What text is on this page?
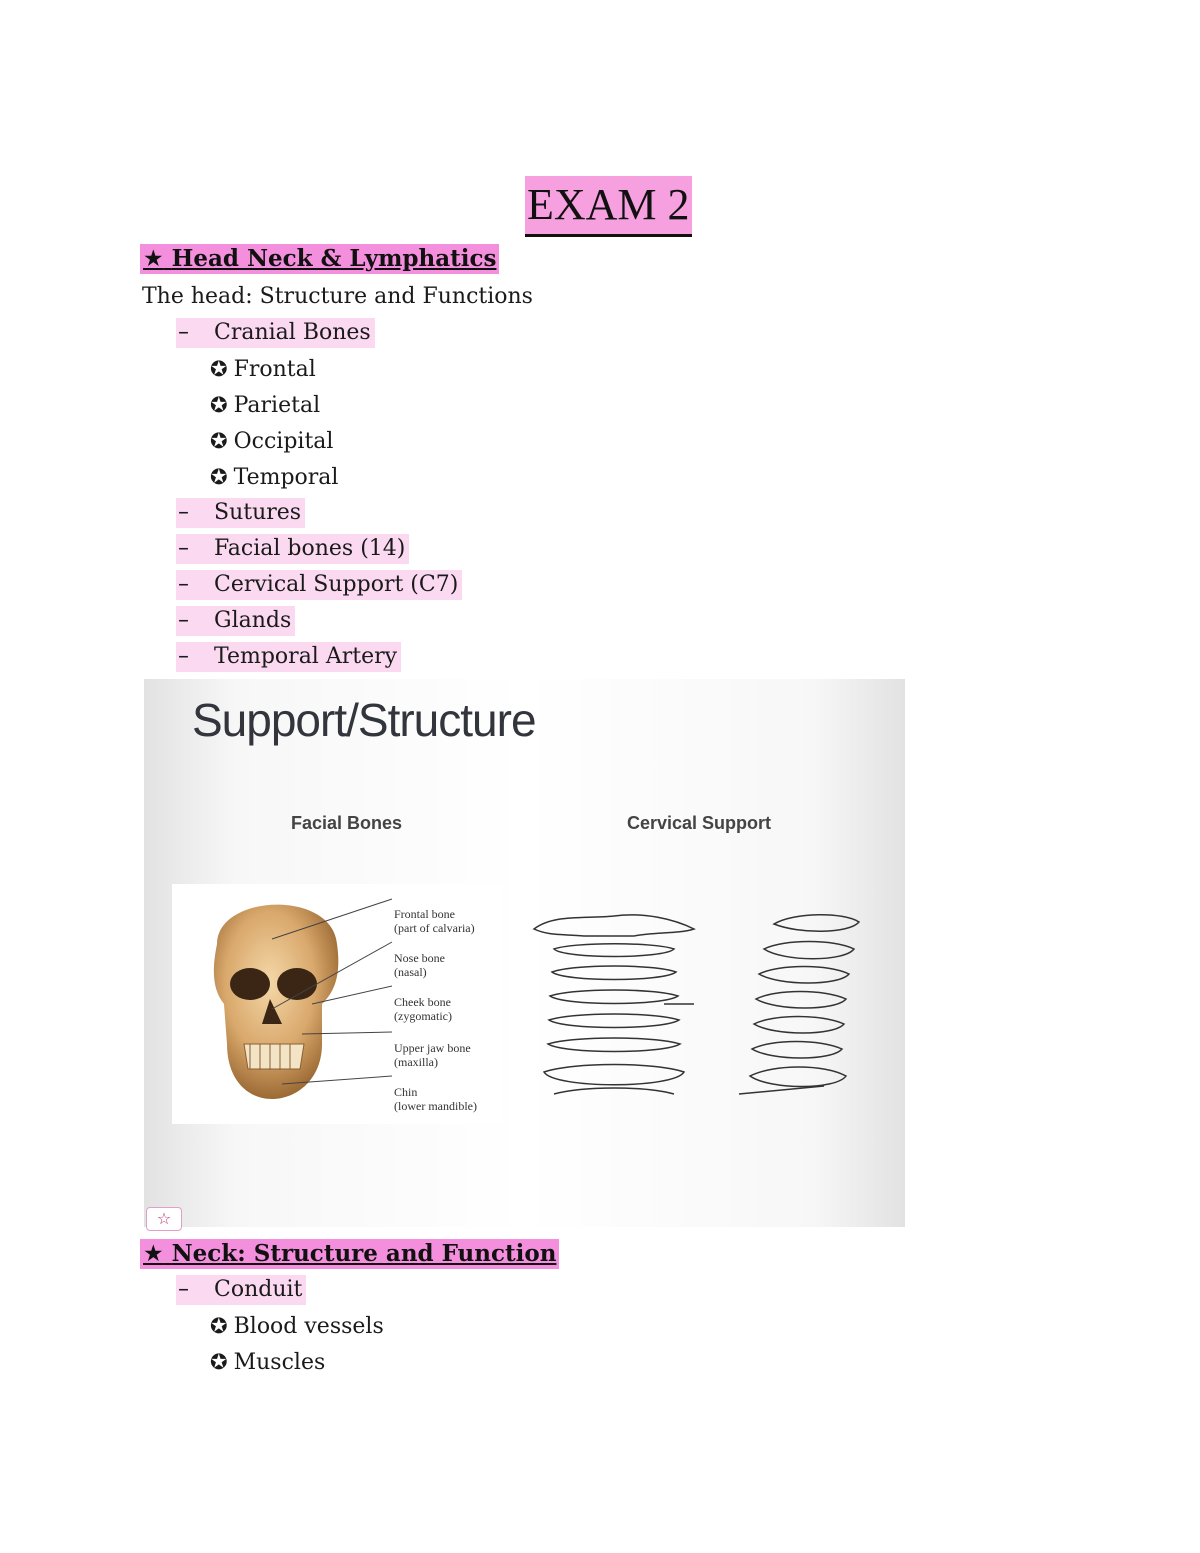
EXAM 2
★ Head Neck & Lymphatics
The head: Structure and Functions
– Cranial Bones
✪ Frontal
✪ Parietal
✪ Occipital
✪ Temporal
– Sutures
– Facial bones (14)
– Cervical Support (C7)
– Glands
– Temporal Artery
Support/Structure
Facial Bones	Cervical Support
Frontal bone
(part of calvaria)
Nose bone
(nasal)
Cheek bone
(zygomatic)
Upper jaw bone
(maxilla)
Chin
(lower mandible)
☆
★ Neck: Structure and Function
– Conduit
✪ Blood vessels
✪ Muscles
